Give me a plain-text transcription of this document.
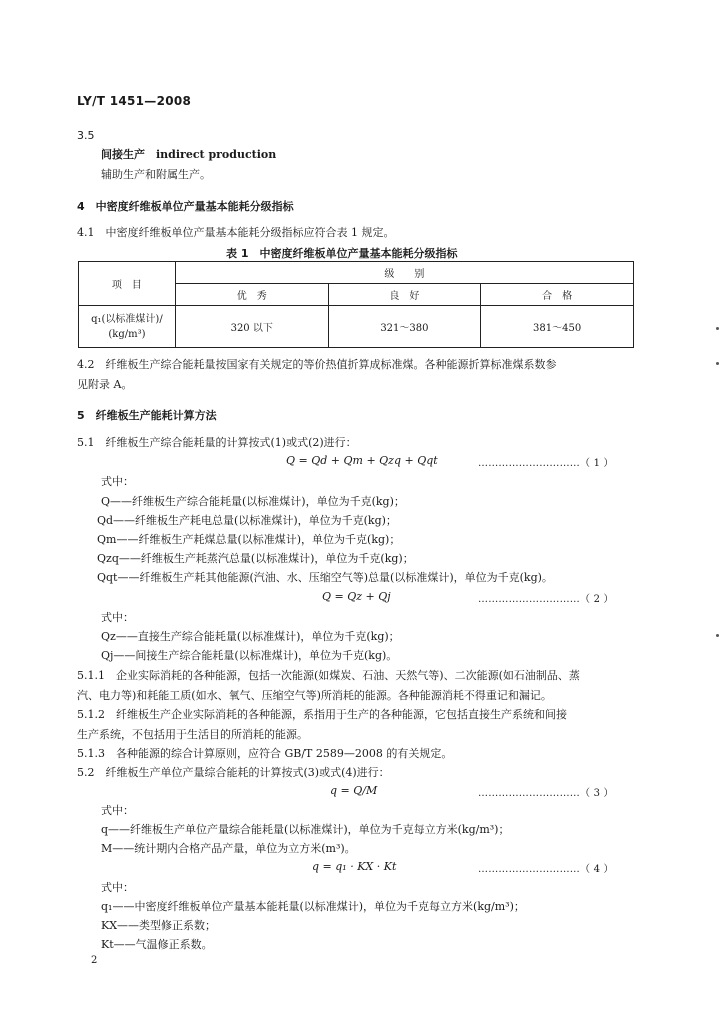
LY/T 1451—2008
3.5
间接生产　indirect production
辅助生产和附属生产。
4　中密度纤维板单位产量基本能耗分级指标
4.1　中密度纤维板单位产量基本能耗分级指标应符合表 1 规定。
表 1　中密度纤维板单位产量基本能耗分级指标
项　目	级　　别		
	优　秀	良　好	合　格

q₁(以标准煤计)/
(kg/m³)	320 以下	321～380	381～450
4.2　纤维板生产综合能耗量按国家有关规定的等价热值折算成标准煤。各种能源折算标准煤系数参
见附录 A。
5　纤维板生产能耗计算方法
5.1　纤维板生产综合能耗量的计算按式(1)或式(2)进行：
Q = Qd + Qm + Qzq + Qqt	…………………………（ 1 ）
式中：
Q——纤维板生产综合能耗量(以标准煤计)，单位为千克(kg)；
Qd——纤维板生产耗电总量(以标准煤计)，单位为千克(kg)；
Qm——纤维板生产耗煤总量(以标准煤计)，单位为千克(kg)；
Qzq——纤维板生产耗蒸汽总量(以标准煤计)，单位为千克(kg)；
Qqt——纤维板生产耗其他能源(汽油、水、压缩空气等)总量(以标准煤计)，单位为千克(kg)。
Q = Qz + Qj	…………………………（ 2 ）
式中：
Qz——直接生产综合能耗量(以标准煤计)，单位为千克(kg)；
Qj——间接生产综合能耗量(以标准煤计)，单位为千克(kg)。
5.1.1　企业实际消耗的各种能源，包括一次能源(如煤炭、石油、天然气等)、二次能源(如石油制品、蒸
汽、电力等)和耗能工质(如水、氧气、压缩空气等)所消耗的能源。各种能源消耗不得重记和漏记。
5.1.2　纤维板生产企业实际消耗的各种能源，系指用于生产的各种能源，它包括直接生产系统和间接
生产系统，不包括用于生活目的所消耗的能源。
5.1.3　各种能源的综合计算原则，应符合 GB/T 2589—2008 的有关规定。
5.2　纤维板生产单位产量综合能耗的计算按式(3)或式(4)进行：
q = Q/M	…………………………（ 3 ）
式中：
q——纤维板生产单位产量综合能耗量(以标准煤计)，单位为千克每立方米(kg/m³)；
M——统计期内合格产品产量，单位为立方米(m³)。
q = q₁ · KX · Kt	…………………………（ 4 ）
式中：
q₁——中密度纤维板单位产量基本能耗量(以标准煤计)，单位为千克每立方米(kg/m³)；
KX——类型修正系数；
Kt——气温修正系数。
2
